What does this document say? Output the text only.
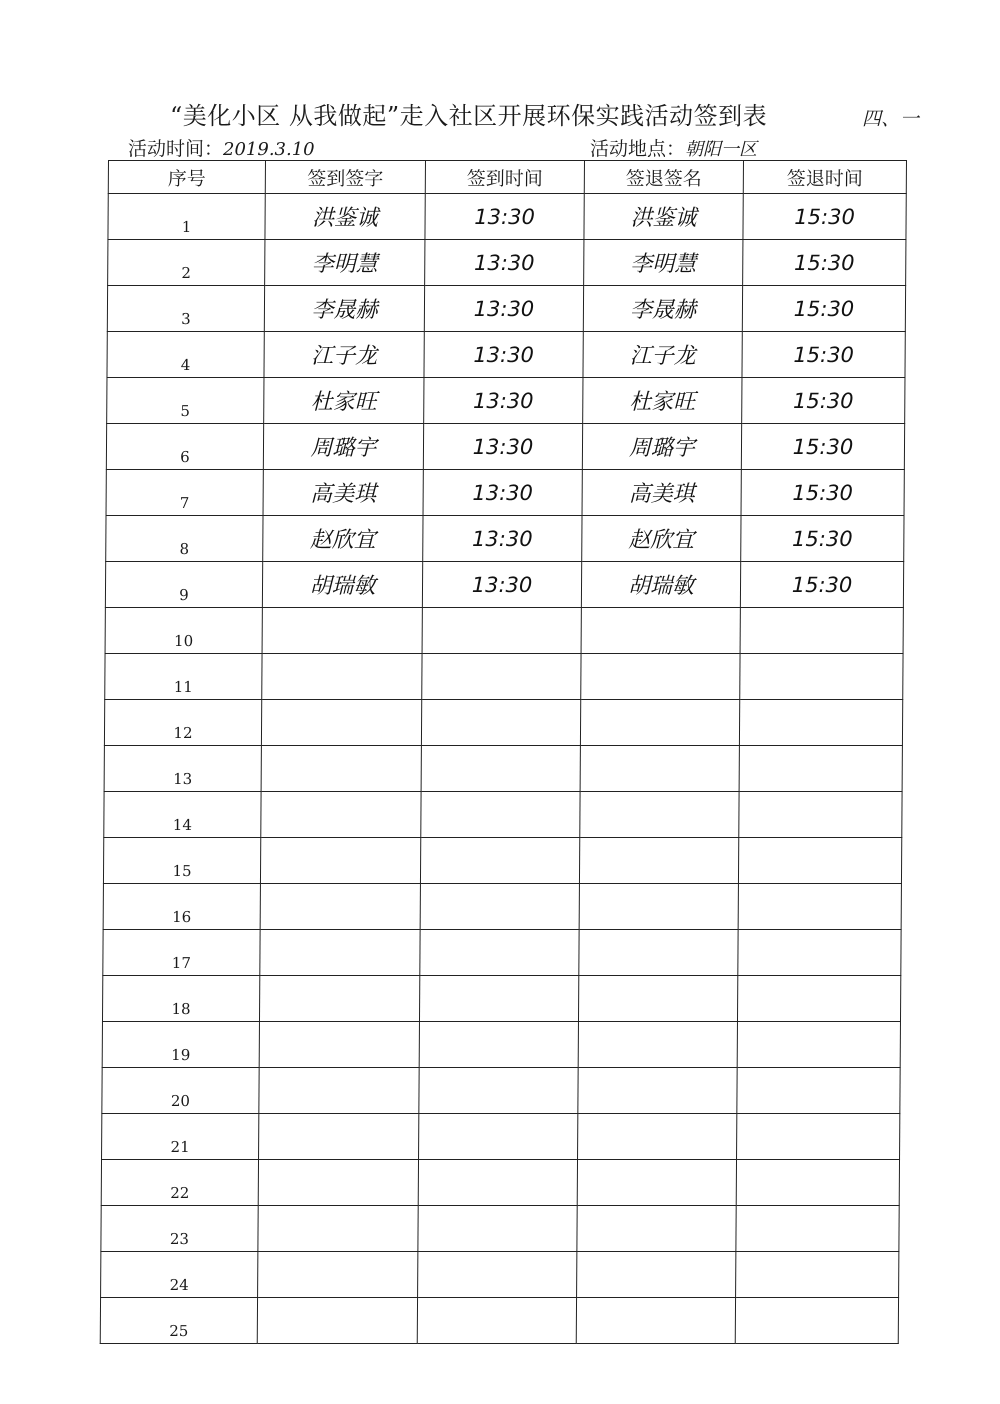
“美化小区 从我做起”走入社区开展环保实践活动签到表	四、一
活动时间：2019.3.10	活动地点：朝阳一区
序号	签到签字	签到时间	签退签名	签退时间
1	洪鉴诚	13:30	洪鉴诚	15:30
2	李明慧	13:30	李明慧	15:30
3	李晟赫	13:30	李晟赫	15:30
4	江子龙	13:30	江子龙	15:30
5	杜家旺	13:30	杜家旺	15:30
6	周璐宇	13:30	周璐宇	15:30
7	高美琪	13:30	高美琪	15:30
8	赵欣宜	13:30	赵欣宜	15:30
9	胡瑞敏	13:30	胡瑞敏	15:30
10				
11				
12				
13				
14				
15				
16				
17				
18				
19				
20				
21				
22				
23				
24				
25				
